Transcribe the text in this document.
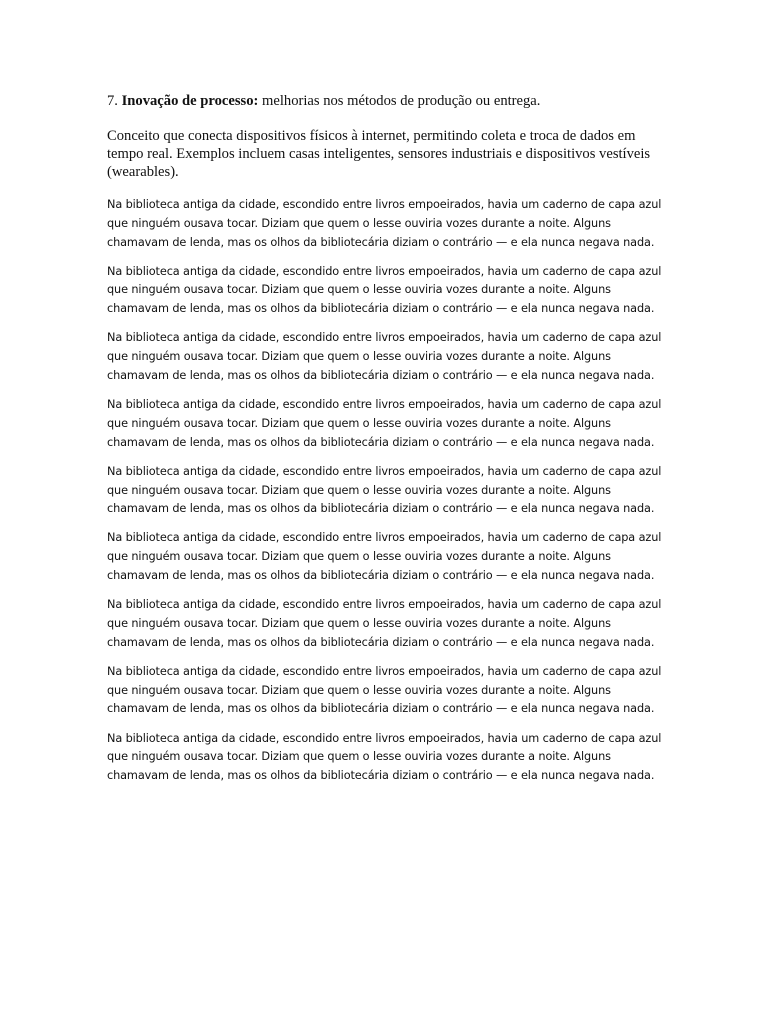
7. Inovação de processo: melhorias nos métodos de produção ou entrega.

Conceito que conecta dispositivos físicos à internet, permitindo coleta e troca de dados em tempo real. Exemplos incluem casas inteligentes, sensores industriais e dispositivos vestíveis (wearables).

Na biblioteca antiga da cidade, escondido entre livros empoeirados, havia um caderno de capa azul que ninguém ousava tocar. Diziam que quem o lesse ouviria vozes durante a noite. Alguns chamavam de lenda, mas os olhos da bibliotecária diziam o contrário — e ela nunca negava nada.

Na biblioteca antiga da cidade, escondido entre livros empoeirados, havia um caderno de capa azul que ninguém ousava tocar. Diziam que quem o lesse ouviria vozes durante a noite. Alguns chamavam de lenda, mas os olhos da bibliotecária diziam o contrário — e ela nunca negava nada.

Na biblioteca antiga da cidade, escondido entre livros empoeirados, havia um caderno de capa azul que ninguém ousava tocar. Diziam que quem o lesse ouviria vozes durante a noite. Alguns chamavam de lenda, mas os olhos da bibliotecária diziam o contrário — e ela nunca negava nada.

Na biblioteca antiga da cidade, escondido entre livros empoeirados, havia um caderno de capa azul que ninguém ousava tocar. Diziam que quem o lesse ouviria vozes durante a noite. Alguns chamavam de lenda, mas os olhos da bibliotecária diziam o contrário — e ela nunca negava nada.

Na biblioteca antiga da cidade, escondido entre livros empoeirados, havia um caderno de capa azul que ninguém ousava tocar. Diziam que quem o lesse ouviria vozes durante a noite. Alguns chamavam de lenda, mas os olhos da bibliotecária diziam o contrário — e ela nunca negava nada.

Na biblioteca antiga da cidade, escondido entre livros empoeirados, havia um caderno de capa azul que ninguém ousava tocar. Diziam que quem o lesse ouviria vozes durante a noite. Alguns chamavam de lenda, mas os olhos da bibliotecária diziam o contrário — e ela nunca negava nada.

Na biblioteca antiga da cidade, escondido entre livros empoeirados, havia um caderno de capa azul que ninguém ousava tocar. Diziam que quem o lesse ouviria vozes durante a noite. Alguns chamavam de lenda, mas os olhos da bibliotecária diziam o contrário — e ela nunca negava nada.

Na biblioteca antiga da cidade, escondido entre livros empoeirados, havia um caderno de capa azul que ninguém ousava tocar. Diziam que quem o lesse ouviria vozes durante a noite. Alguns chamavam de lenda, mas os olhos da bibliotecária diziam o contrário — e ela nunca negava nada.

Na biblioteca antiga da cidade, escondido entre livros empoeirados, havia um caderno de capa azul que ninguém ousava tocar. Diziam que quem o lesse ouviria vozes durante a noite. Alguns chamavam de lenda, mas os olhos da bibliotecária diziam o contrário — e ela nunca negava nada.
